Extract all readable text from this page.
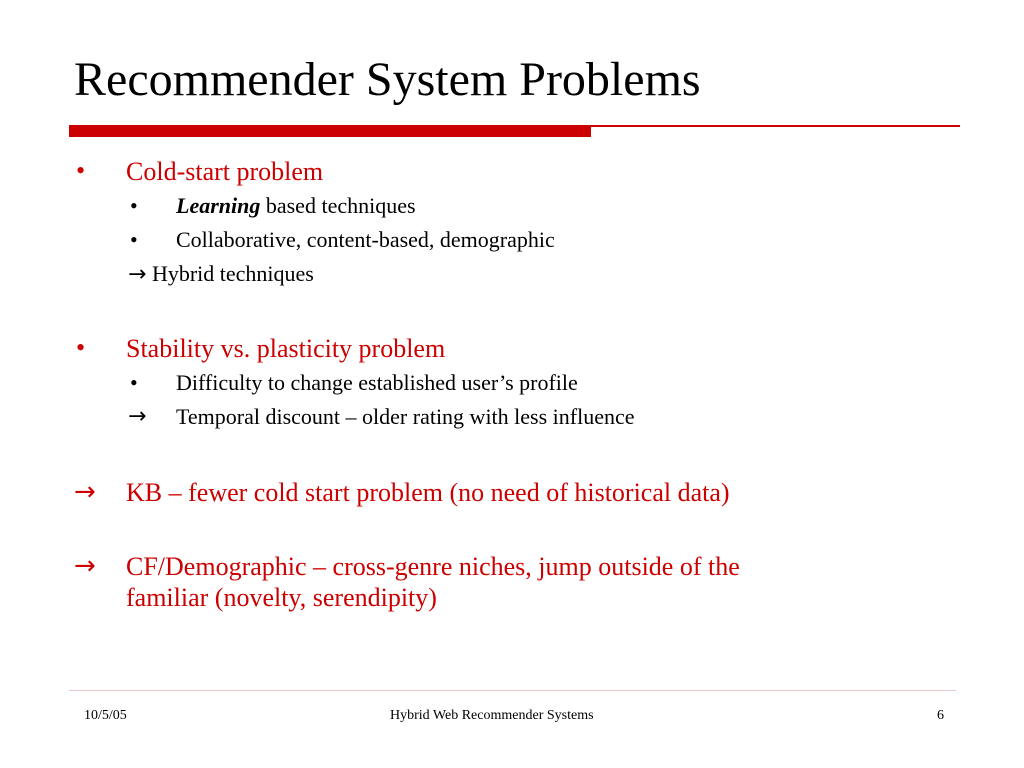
Recommender System Problems
• Cold-start problem
• Learning based techniques
• Collaborative, content-based, demographic
→ Hybrid techniques
• Stability vs. plasticity problem
• Difficulty to change established user’s profile
→ Temporal discount – older rating with less influence
→ KB – fewer cold start problem (no need of historical data)
→ CF/Demographic – cross-genre niches, jump outside of the
familiar (novelty, serendipity)
10/5/05	Hybrid Web Recommender Systems	6
